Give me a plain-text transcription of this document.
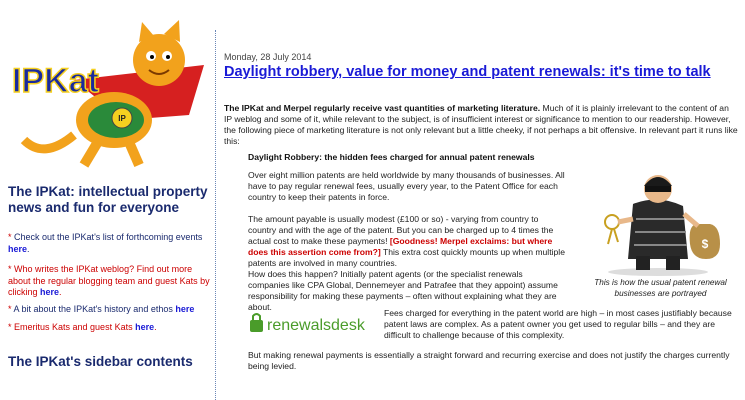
IP
IPKat
The IPKat: intellectual property news and fun for everyone
* Check out the IPKat's list of forthcoming events here.
* Who writes the IPKat weblog? Find out more about the regular blogging team and guest Kats by clicking here.
* A bit about the IPKat's history and ethos here
* Emeritus Kats and guest Kats here.
The IPKat's sidebar contents
Monday, 28 July 2014
Daylight robbery, value for money and patent renewals: it's time to talk

The IPKat and Merpel regularly receive vast quantities of marketing literature. Much of it is plainly irrelevant to the content of an IP weblog and some of it, while relevant to the subject, is of insufficient interest or significance to mention to our readership. However, the following piece of marketing literature is not only relevant but a little cheeky, if not perhaps a bit offensive. In relevant part it runs like this:

Daylight Robbery: the hidden fees charged for annual patent renewals

Over eight million patents are held worldwide by many thousands of businesses. All have to pay regular renewal fees, usually every year, to the Patent Office for each country to keep their patents in force.

The amount payable is usually modest (£100 or so) - varying from country to country and with the age of the patent. But you can be charged up to 4 times the actual cost to make these payments! [Goodness! Merpel exclaims: but where does this assertion come from?] This extra cost quickly mounts up when multiple patents are involved in many countries.

How does this happen? Initially patent agents (or the specialist renewals companies like CPA Global, Dennemeyer and Patrafee that they appoint) assume responsibility for making these payments – often without explaining what they are about.

$
This is how the usual patent renewal businesses are portrayed
renewalsdesk

Fees charged for everything in the patent world are high – in most cases justifiably because patent laws are complex. As a patent owner you get used to regular bills – and they are difficult to challenge because of this complexity.

But making renewal payments is essentially a straight forward and recurring exercise and does not justify the charges currently being levied.
